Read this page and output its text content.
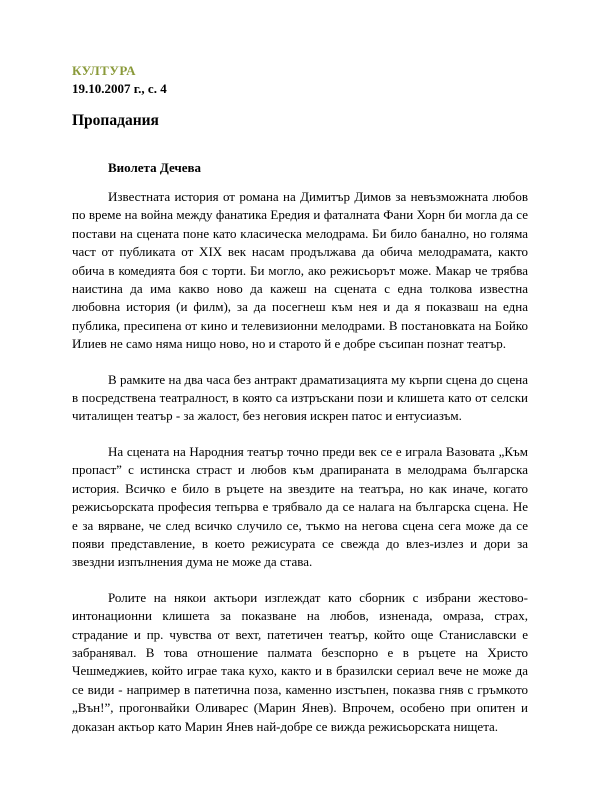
КУЛТУРА
19.10.2007 г., с. 4
Пропадания
Виолета Дечева

Известната история от романа на Димитър Димов за невъзможната любов по време на война между фанатика Ередия и фаталната Фани Хорн би могла да се постави на сцената поне като класическа мелодрама. Би било банално, но голяма част от публиката от XIX век насам продължава да обича мелодрамата, както обича в комедията боя с торти. Би могло, ако режисьорът може. Макар че трябва наистина да има какво ново да кажеш на сцената с една толкова известна любовна история (и филм), за да посегнеш към нея и да я показваш на една публика, пресипена от кино и телевизионни мелодрами. В постановката на Бойко Илиев не само няма нищо ново, но и старото й е добре съсипан познат театър.

В рамките на два часа без антракт драматизацията му кърпи сцена до сцена в посредствена театралност, в която са изтръскани пози и клишета като от селски читалищен театър - за жалост, без неговия искрен патос и ентусиазъм.

На сцената на Народния театър точно преди век се е играла Вазовата „Към пропаст” с истинска страст и любов към драпираната в мелодрама българска история. Всичко е било в ръцете на звездите на театъра, но как иначе, когато режисьорската професия тепърва е трябвало да се налага на българска сцена. Не е за вярване, че след всичко случило се, тъкмо на негова сцена сега може да се появи представление, в което режисурата се свежда до влез-излез и дори за звездни изпълнения дума не може да става.

Ролите на някои актьори изглеждат като сборник с избрани жестово-интонационни клишета за показване на любов, изненада, омраза, страх, страдание и пр. чувства от вехт, патетичен театър, който още Станиславски е забранявал. В това отношение палмата безспорно е в ръцете на Христо Чешмеджиев, който играе така кухо, както и в бразилски сериал вече не може да се види - например в патетична поза, каменно изстъпен, показва гняв с гръмкото „Вън!”, прогонвайки Оливарес (Марин Янев). Впрочем, особено при опитен и доказан актьор като Марин Янев най-добре се вижда режисьорската нищета.
